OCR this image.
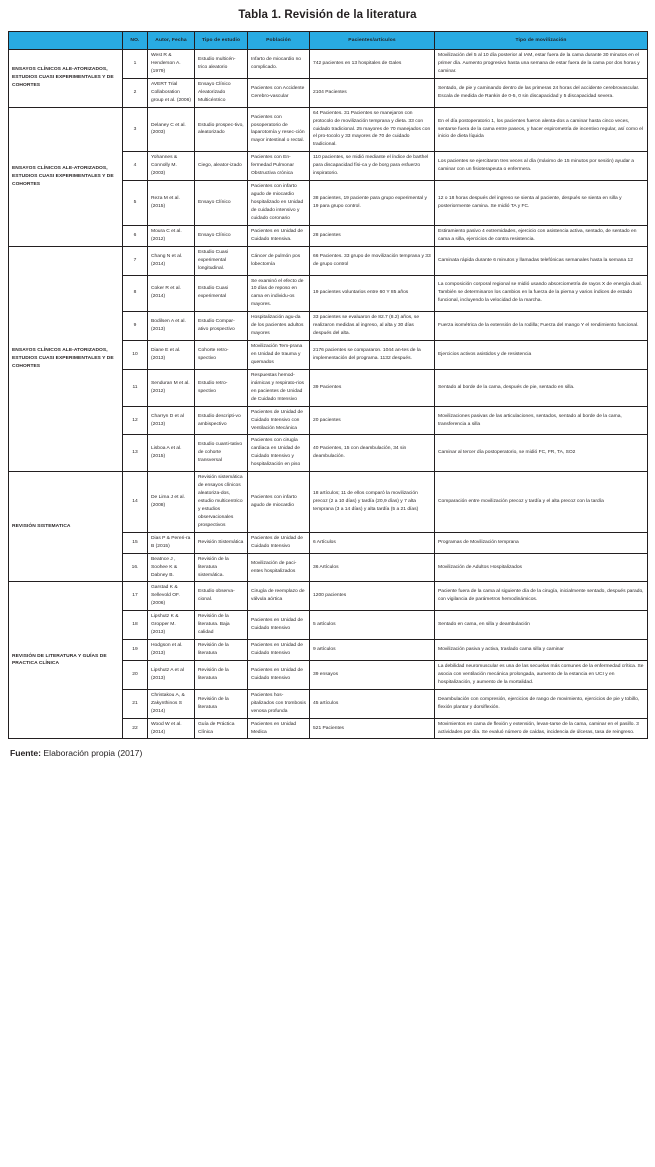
Tabla 1. Revisión de la literatura
	NO.	Autor, Fecha	Tipo de estudio	Población	Pacientes/artículos	Tipo de movilización
ENSAYOS CLÍNICOS ALE-ATORIZADOS, ESTUDIOS CUASI EXPERIMENTALES Y DE COHORTES	1	West R & Henderson A. (1979)	Estudio multicén-trico aleatorio	Infarto de miocardio no complicado.	742 pacientes en 13 hospitales de Gales	Movilización del 5 al 10 día posterior al IAM, estar fuera de la cama durante 30 minutos en el primer día. Aumento progresivo hasta una semana de estar fuera de la cama por dos horas y caminar.
	2	AVERT Trial Collaboration group et al. (2006)	Ensayo Clínico Aleatorizado Multicéntrico	Pacientes con Accidente Cerebro-vascular	2104 Pacientes	Sentado, de pie y caminando dentro de las primeras 24 horas del accidente cerebrovascular. Escala de medida de Rankin de 0-5, 0 sin discapacidad y 5 discapacidad severa.
ENSAYOS CLÍNICOS ALE-ATORIZADOS, ESTUDIOS CUASI EXPERIMENTALES Y DE COHORTES	3	Delaney C et al. (2003)	Estudio prospec-tivo, aleatorizado	Pacientes con posoperatorio de laparotomía y resec-ción mayor intestinal o rectal.	64 Pacientes. 31 Pacientes se manejaron con protocolo de movilización temprana y dieta. 33 con cuidado tradicional. 25 mayores de 70 manejados con el pro-tocolo y 33 mayores de 70 de cuidado tradicional.	En el día postoperatorio 1, los pacientes fueron alenta-dos a caminar hasta cinco veces, sentarse fuera de la cama entre paseos, y hacer espirometría de incentivo regular, así como el inicio de dieta líquida
	4	Yohannes & Connolly M. (2003)	Ciego, aleator-izado	Pacientes con En-fermedad Pulmonar Obstructiva crónica	110 pacientes, se midió mediante el índice de barthel para discapacidad físi-ca y de borg para esfuerzo inspiratorio.	Los pacientes se ejercitaron tres veces al día (máximo de 15 minutos por sesión) ayudar a caminar con un fisioterapeuta o enfermera.
	5	Reza M et al. (2015)	Ensayo Clínico	Pacientes con infarto agudo de miocardio hospitalizado en Unidad de cuidado intensivo y cuidado coronario	38 pacientes, 19 paciente para grupo experimental y 19 para grupo control.	12 o 18 horas después del ingreso se sienta al paciente, después se sienta en silla y posteriormente camina. Se midió TA y FC.
	6	Moura C et al. (2012)	Ensayo Clínico	Pacientes en Unidad de Cuidado Intensiva.	28 pacientes	Estiramiento pasivo 4 extremidades, ejercicio con asistencia activa, sentado, de sentado en cama a silla, ejercicios de contra resistencia.
ENSAYOS CLÍNICOS ALE-ATORIZADOS, ESTUDIOS CUASI EXPERIMENTALES Y DE COHORTES	7	Chang N et al. (2014)	Estudio Cuasi experimental longitudinal.	Cáncer de pulmón pos lobectomía	66 Pacientes. 33 grupo de movilización temprana y 33 de grupo control	Caminata rápida durante 6 minutos y llamadas telefónicas semanales hasta la semana 12
	8	Coker R et al. (2014)	Estudio Cuasi experimental	Se examinó el efecto de 10 días de reposo en cama en individu-os mayores.	19 pacientes voluntarios entre 60 Y 85 años	La composición corporal regional se midió usando absorciometría de rayos X de energía dual. También se determinaron los cambios en la fuerza de la pierna y varios índices de estado funcional, incluyendo la velocidad de la marcha.
	9	Bodilsen A et al. (2013)	Estudio Compar-ativo prospectivo	Hospitalización agu-da de los pacientes adultos mayores	33 pacientes se evaluaron de 82.7 (8.2) años, se realizaron medidas al ingreso, al alta y 30 días después del alta.	Fuerza isométrica de la extensión de la rodilla; Fuerza del mango Y el rendimiento funcional.
	10	Diane E et al. (2013)	Cohorte retro-spectivo	Movilización Tem-prana en Unidad de trauma y quemados	2176 pacientes se compararon. 1044 an-tes de la implementación del programa. 1132 después.	Ejercicios activos asistidos y de resistencia
	11	Senduran M et al. (2012)	Estudio retro-spectivo	Respuestas hemod-inámicas y respirato-rios en pacientes de Unidad de Cuidado Intensivo	39 Pacientes	Sentado al borde de la cama, después de pie, sentado en silla.
	12	Charryn D et al (2013)	Estudio descripti-vo ambispectivo	Pacientes de Unidad de Cuidado Intensivo con Ventilación Mecánica	20 pacientes	Movilizaciones pasivas de las articulaciones, sentados, sentado al borde de la cama, transferencia a silla
	13	Lisboa A et al. (2015)	Estudio cuanti-tativo de cohorte transversal	Pacientes con cirugía cardiaca en Unidad de Cuidado Intensivo y hospitalización en piso	40 Pacientes, 15 con deambulación, 34 sin deambulación.	Caminar al tercer día postoperatorio, se midió FC, FR, TA, SO2
REVISIÓN SISTEMATICA	14	De Lima J et al. (2008)	Revisión sistemática de ensayos clínicos aleatoriza-dos, estudio multicentrico y estudios observacionales prospectivos	Pacientes con infarto agudo de miocardio	18 artículos; 11 de ellos comparó la movilización precoz (2 a 10 días) y tardía (20,9 días) y 7 alta temprana (3 a 14 días) y alta tardía (5 a 21 días)	Comparación entre movilización precoz y tardía y el alta precoz con la tardía
	15	Dias P & Pereri-ra B (2015)	Revisión Sistemática	Pacientes de Unidad de Cuidado Intensivo	6 Artículos	Programas de Movilización temprana
	16.	Beatnce J , Soohee K & Dabney B.	Revisión de la literatura sistemática.	Movilización de paci-entes hospitalizados	36 Artículos	Movilización de Adultos Hospitalizados
REVISIÓN DE LITERATURA Y GUÍAS DE PRACTICA CLÍNICA	17	Garstad K & Sellevold OF. (2006)	Estudio observa-cional.	Cirugía de reemplazo de válvula aórtica	1200 pacientes	Paciente fuera de la cama al siguiente día de la cirugía, inicialmente sentado, después parado, con vigilancia de parámetros hemodinámicos.
	18	Lipshutz K & Gropper M. (2013)	Revisión de la literatura. Baja calidad	Pacientes en Unidad de Cuidado Intensivo	5 artículos	Sentado en cama, en silla y deambulación
	19	Hodgson et al. (2013)	Revisión de la literatura	Pacientes en Unidad de Cuidado Intensivo	9 artículos	Movilización pasiva y activa, traslado cama silla y caminar
	20	Lipshutz A et al (2013)	Revisión de la literatura	Pacientes en Unidad de Cuidado Intensivo	39 ensayos	La debilidad neuromuscular es una de las secuelas más comunes de la enfermedad crítica. Se asocia con ventilación mecánica prolongada, aumento de la estancia en UCI y en hospitalización, y aumento de la mortalidad.
	21	Christakou A, & Zakynthinos S (2014)	Revisión de la literatura	Pacientes hos-pitalizados con trombosis venosa profunda	45 artículos	Deambulación con compresión, ejercicios de rango de movimiento, ejercicios de pie y tobillo, flexión plantar y dorsiflexión.
	22	Wood W et al. (2014)	Guía de Práctica Clínica	Pacientes en Unidad Medica	521 Pacientes	Movimientos en cama de flexión y extensión, levan-tarse de la cama, caminar en el pasillo. 3 actividades por día. Se evaluó número de caídas, incidencia de úlceras, tasa de reingreso.
Fuente: Elaboración propia (2017)
